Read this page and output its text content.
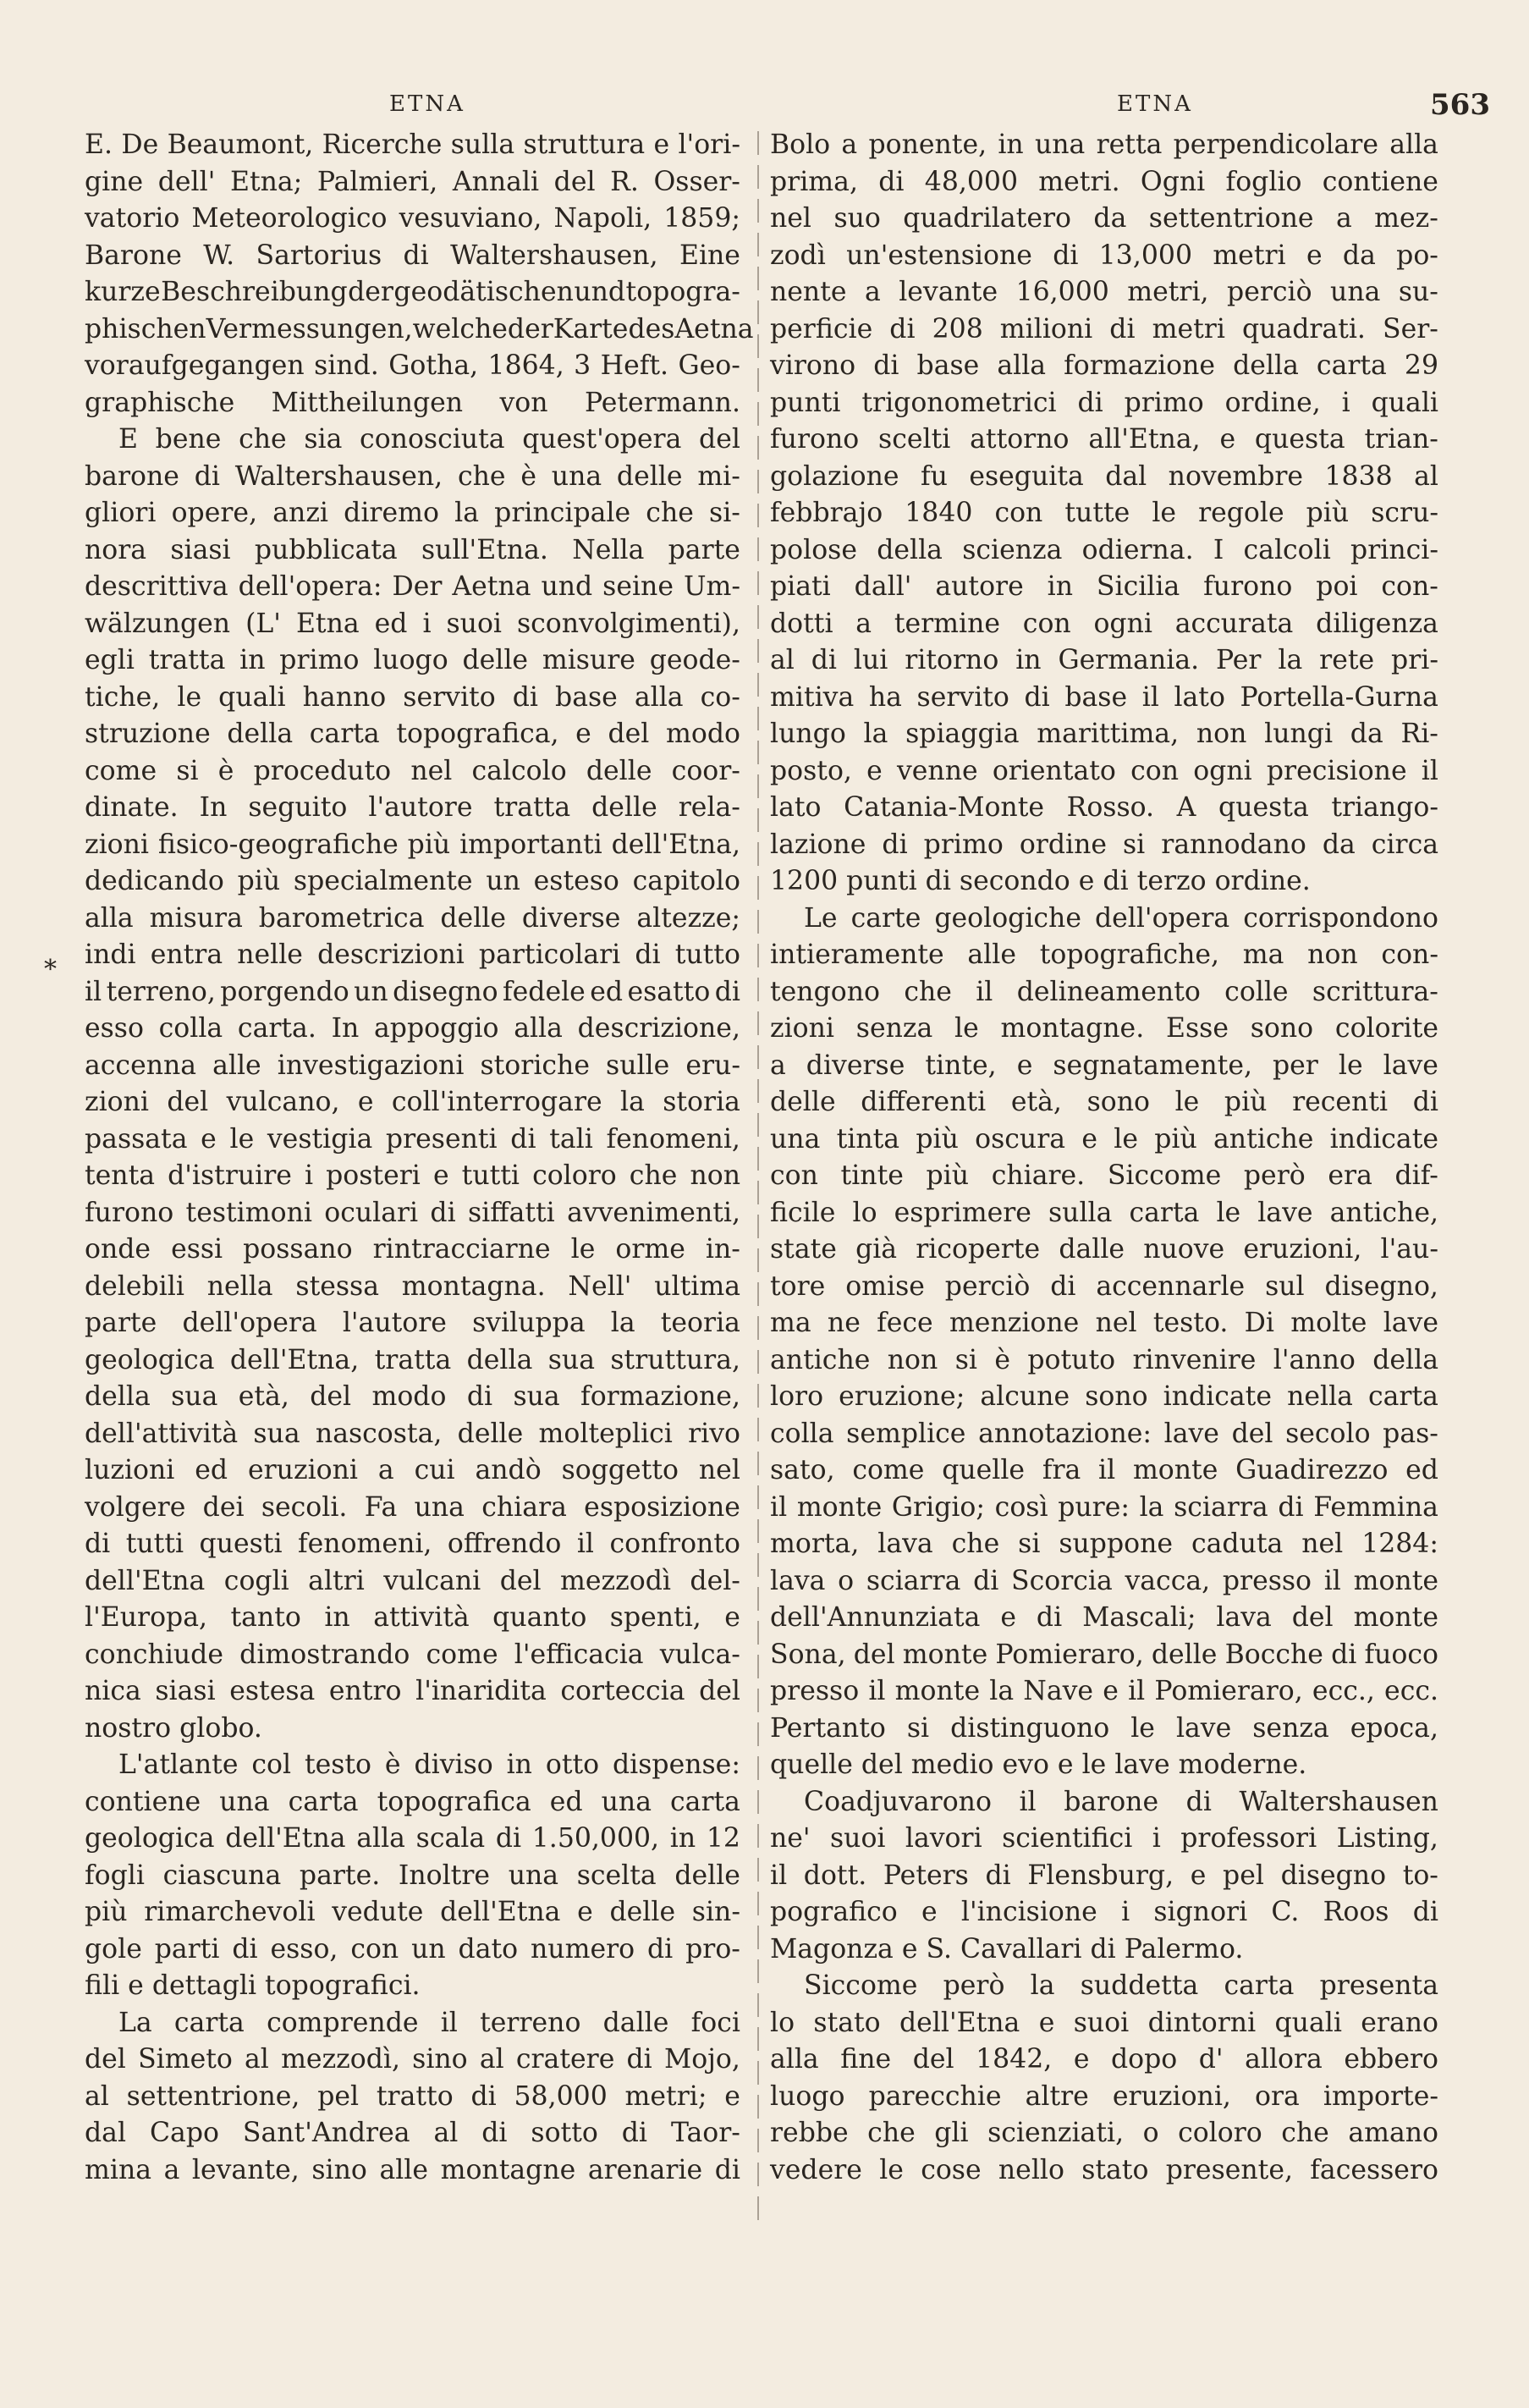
ETNA	ETNA	563
*
E. De Beaumont, Ricerche sulla struttura e l'ori-
gine dell' Etna; Palmieri, Annali del R. Osser-
vatorio Meteorologico vesuviano, Napoli, 1859;
Barone W. Sartorius di Waltershausen, Eine
kurze Beschreibung der geodätischen und topogra-
phischen Vermessungen, welche der Karte des Aetna
voraufgegangen sind. Gotha, 1864, 3 Heft. Geo-
graphische Mittheilungen von Petermann.
E bene che sia conosciuta quest'opera del
barone di Waltershausen, che è una delle mi-
gliori opere, anzi diremo la principale che si-
nora siasi pubblicata sull'Etna. Nella parte
descrittiva dell'opera: Der Aetna und seine Um-
wälzungen (L' Etna ed i suoi sconvolgimenti),
egli tratta in primo luogo delle misure geode-
tiche, le quali hanno servito di base alla co-
struzione della carta topografica, e del modo
come si è proceduto nel calcolo delle coor-
dinate. In seguito l'autore tratta delle rela-
zioni fisico-geografiche più importanti dell'Etna,
dedicando più specialmente un esteso capitolo
alla misura barometrica delle diverse altezze;
indi entra nelle descrizioni particolari di tutto
il terreno, porgendo un disegno fedele ed esatto di
esso colla carta. In appoggio alla descrizione,
accenna alle investigazioni storiche sulle eru-
zioni del vulcano, e coll'interrogare la storia
passata e le vestigia presenti di tali fenomeni,
tenta d'istruire i posteri e tutti coloro che non
furono testimoni oculari di siffatti avvenimenti,
onde essi possano rintracciarne le orme in-
delebili nella stessa montagna. Nell' ultima
parte dell'opera l'autore sviluppa la teoria
geologica dell'Etna, tratta della sua struttura,
della sua età, del modo di sua formazione,
dell'attività sua nascosta, delle molteplici rivo
luzioni ed eruzioni a cui andò soggetto nel
volgere dei secoli. Fa una chiara esposizione
di tutti questi fenomeni, offrendo il confronto
dell'Etna cogli altri vulcani del mezzodì del-
l'Europa, tanto in attività quanto spenti, e
conchiude dimostrando come l'efficacia vulca-
nica siasi estesa entro l'inaridita corteccia del
nostro globo.
L'atlante col testo è diviso in otto dispense:
contiene una carta topografica ed una carta
geologica dell'Etna alla scala di 1.50,000, in 12
fogli ciascuna parte. Inoltre una scelta delle
più rimarchevoli vedute dell'Etna e delle sin-
gole parti di esso, con un dato numero di pro-
fili e dettagli topografici.
La carta comprende il terreno dalle foci
del Simeto al mezzodì, sino al cratere di Mojo,
al settentrione, pel tratto di 58,000 metri; e
dal Capo Sant'Andrea al di sotto di Taor-
mina a levante, sino alle montagne arenarie di
Bolo a ponente, in una retta perpendicolare alla
prima, di 48,000 metri. Ogni foglio contiene
nel suo quadrilatero da settentrione a mez-
zodì un'estensione di 13,000 metri e da po-
nente a levante 16,000 metri, perciò una su-
perficie di 208 milioni di metri quadrati. Ser-
virono di base alla formazione della carta 29
punti trigonometrici di primo ordine, i quali
furono scelti attorno all'Etna, e questa trian-
golazione fu eseguita dal novembre 1838 al
febbrajo 1840 con tutte le regole più scru-
polose della scienza odierna. I calcoli princi-
piati dall' autore in Sicilia furono poi con-
dotti a termine con ogni accurata diligenza
al di lui ritorno in Germania. Per la rete pri-
mitiva ha servito di base il lato Portella-Gurna
lungo la spiaggia marittima, non lungi da Ri-
posto, e venne orientato con ogni precisione il
lato Catania-Monte Rosso. A questa triango-
lazione di primo ordine si rannodano da circa
1200 punti di secondo e di terzo ordine.
Le carte geologiche dell'opera corrispondono
intieramente alle topografiche, ma non con-
tengono che il delineamento colle scrittura-
zioni senza le montagne. Esse sono colorite
a diverse tinte, e segnatamente, per le lave
delle differenti età, sono le più recenti di
una tinta più oscura e le più antiche indicate
con tinte più chiare. Siccome però era dif-
ficile lo esprimere sulla carta le lave antiche,
state già ricoperte dalle nuove eruzioni, l'au-
tore omise perciò di accennarle sul disegno,
ma ne fece menzione nel testo. Di molte lave
antiche non si è potuto rinvenire l'anno della
loro eruzione; alcune sono indicate nella carta
colla semplice annotazione: lave del secolo pas-
sato, come quelle fra il monte Guadirezzo ed
il monte Grigio; così pure: la sciarra di Femmina
morta, lava che si suppone caduta nel 1284:
lava o sciarra di Scorcia vacca, presso il monte
dell'Annunziata e di Mascali; lava del monte
Sona, del monte Pomieraro, delle Bocche di fuoco
presso il monte la Nave e il Pomieraro, ecc., ecc.
Pertanto si distinguono le lave senza epoca,
quelle del medio evo e le lave moderne.
Coadjuvarono il barone di Waltershausen
ne' suoi lavori scientifici i professori Listing,
il dott. Peters di Flensburg, e pel disegno to-
pografico e l'incisione i signori C. Roos di
Magonza e S. Cavallari di Palermo.
Siccome però la suddetta carta presenta
lo stato dell'Etna e suoi dintorni quali erano
alla fine del 1842, e dopo d' allora ebbero
luogo parecchie altre eruzioni, ora importe-
rebbe che gli scienziati, o coloro che amano
vedere le cose nello stato presente, facessero
